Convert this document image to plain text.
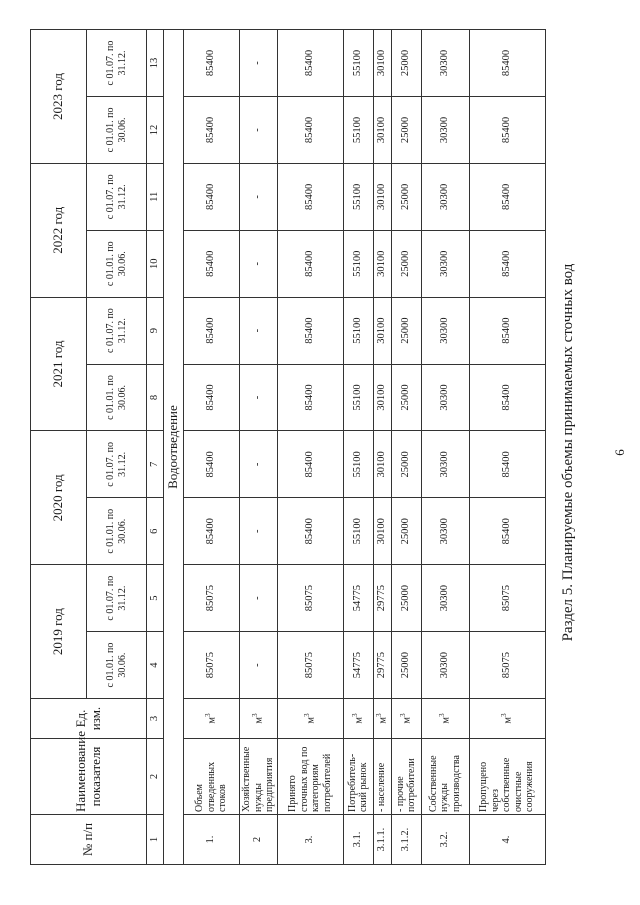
6
Раздел 5. Планируемые объемы принимаемых сточных вод
№ п/п	Наименование показателя	Ед. изм.	2019 год		2020 год		2021 год		2022 год		2023 год	
			с 01.01. по 30.06.	с 01.07. по 31.12.	с 01.01. по 30.06.	с 01.07. по 31.12.	с 01.01. по 30.06.	с 01.07. по 31.12.	с 01.01. по 30.06.	с 01.07. по 31.12.	с 01.01. по 30.06.	с 01.07. по 31.12.
1	2	3	4	5	6	7	8	9	10	11	12	13
Водоотведение												
1.	Объем отведенных стоков	$м^3$	85075	85075	85400	85400	85400	85400	85400	85400	85400	85400
2	Хозяйственные нужды предприятия	$м^3$	-	-	-	-	-	-	-	-	-	-
3.	Принято сточных вод по категориям потребителей	$м^3$	85075	85075	85400	85400	85400	85400	85400	85400	85400	85400
3.1.	Потребитель-ский рынок	$м^3$	54775	54775	55100	55100	55100	55100	55100	55100	55100	55100
3.1.1.	- население	$м^3$	29775	29775	30100	30100	30100	30100	30100	30100	30100	30100
3.1.2.	- прочие потребители	$м^3$	25000	25000	25000	25000	25000	25000	25000	25000	25000	25000
3.2.	Собственные нужды производства	$м^3$	30300	30300	30300	30300	30300	30300	30300	30300	30300	30300
4.	Пропущено через собственные очистные сооружения	$м^3$	85075	85075	85400	85400	85400	85400	85400	85400	85400	85400
